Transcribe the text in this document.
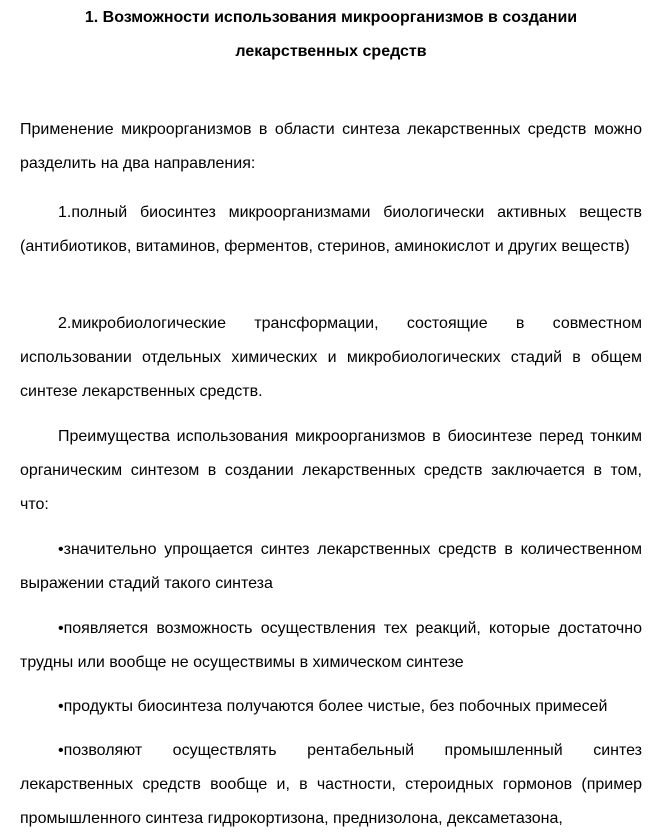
1. Возможности использования микроорганизмов в создании
лекарственных средств

Применение микроорганизмов в области синтеза лекарственных средств можно разделить на два направления:

1.полный биосинтез микроорганизмами биологически активных веществ (антибиотиков, витаминов, ферментов, стеринов, аминокислот и других веществ)

2.микробиологические трансформации, состоящие в совместном использовании отдельных химических и микробиологических стадий в общем синтезе лекарственных средств.

Преимущества использования микроорганизмов в биосинтезе перед тонким органическим синтезом в создании лекарственных средств заключается в том, что:

•значительно упрощается синтез лекарственных средств в количественном выражении стадий такого синтеза

•появляется возможность осуществления тех реакций, которые достаточно трудны или вообще не осуществимы в химическом синтезе

•продукты биосинтеза получаются более чистые, без побочных примесей

•позволяют осуществлять рентабельный промышленный синтез лекарственных средств вообще и, в частности, стероидных гормонов (пример промышленного синтеза гидрокортизона, преднизолона, дексаметазона,
